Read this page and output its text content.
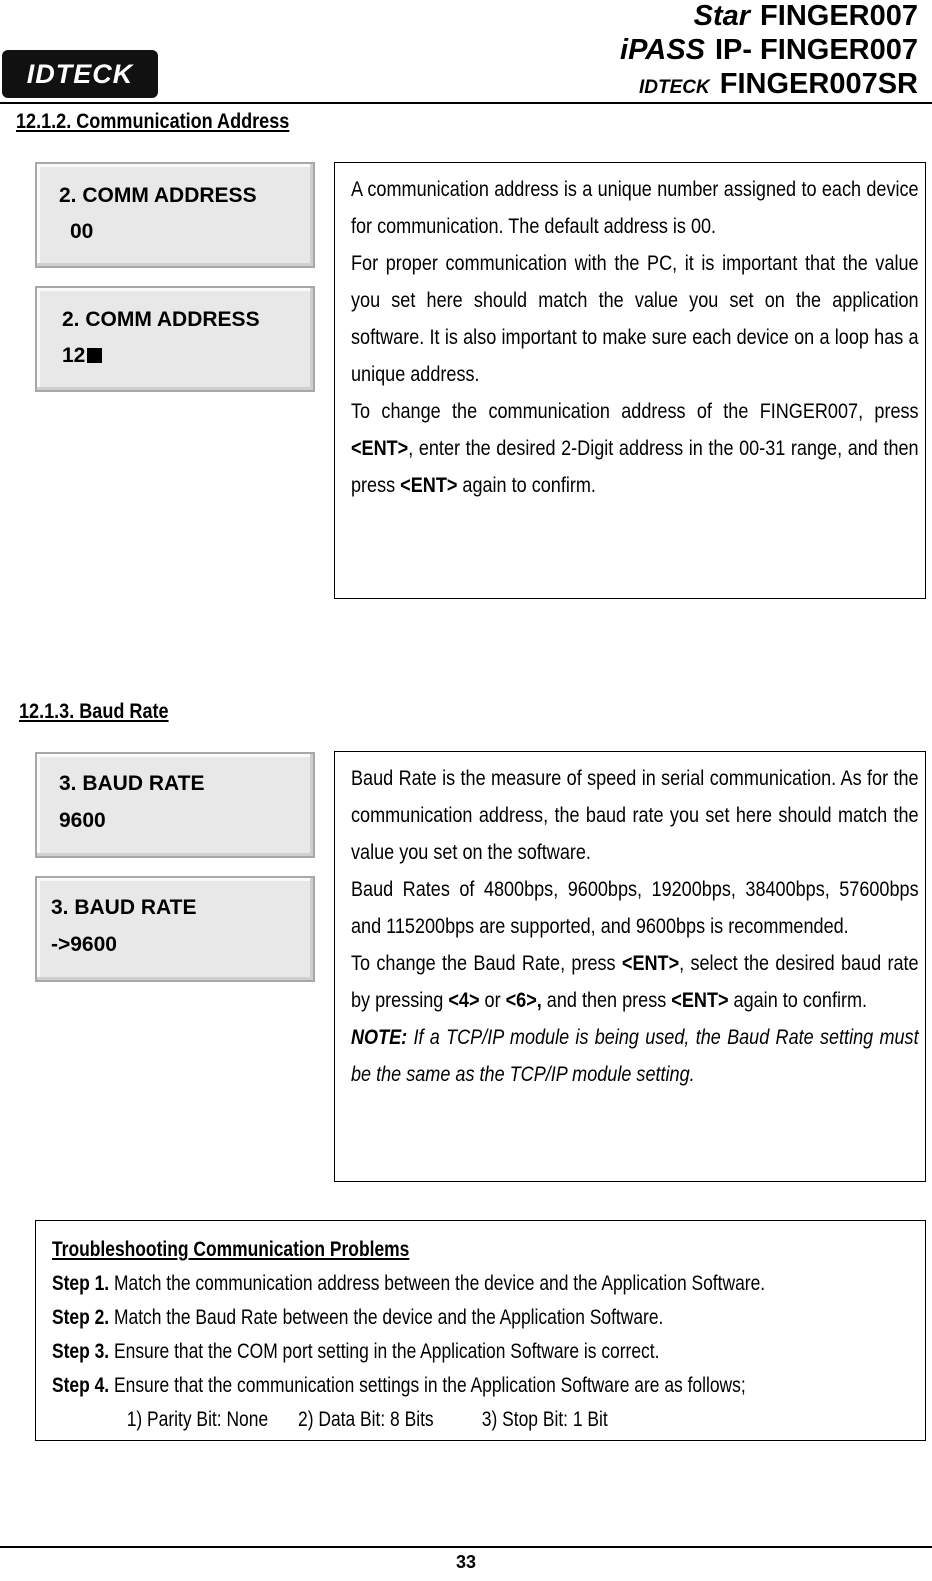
IDTECK
Star FINGER007
iPASS IP- FINGER007
IDTECK FINGER007SR
12.1.2. Communication Address
2. COMM ADDRESS
00
2. COMM ADDRESS
12

A communication address is a unique number assigned to each device for communication. The default address is 00.

For proper communication with the PC, it is important that the value you set here should match the value you set on the application software. It is also important to make sure each device on a loop has a unique address.

To change the communication address of the FINGER007, press <ENT>, enter the desired 2-Digit address in the 00-31 range, and then press <ENT> again to confirm.

12.1.3. Baud Rate
3. BAUD RATE
9600
3. BAUD RATE
->9600

Baud Rate is the measure of speed in serial communication. As for the communication address, the baud rate you set here should match the value you set on the software.

Baud Rates of 4800bps, 9600bps, 19200bps, 38400bps, 57600bps and 115200bps are supported, and 9600bps is recommended.

To change the Baud Rate, press <ENT>, select the desired baud rate by pressing <4> or <6>, and then press <ENT> again to confirm.

NOTE: If a TCP/IP module is being used, the Baud Rate setting must be the same as the TCP/IP module setting.

Troubleshooting Communication Problems
Step 1. Match the communication address between the device and the Application Software.
Step 2. Match the Baud Rate between the device and the Application Software.
Step 3. Ensure that the COM port setting in the Application Software is correct.
Step 4. Ensure that the communication settings in the Application Software are as follows;
1) Parity Bit: None 2) Data Bit: 8 Bits 3) Stop Bit: 1 Bit
33
